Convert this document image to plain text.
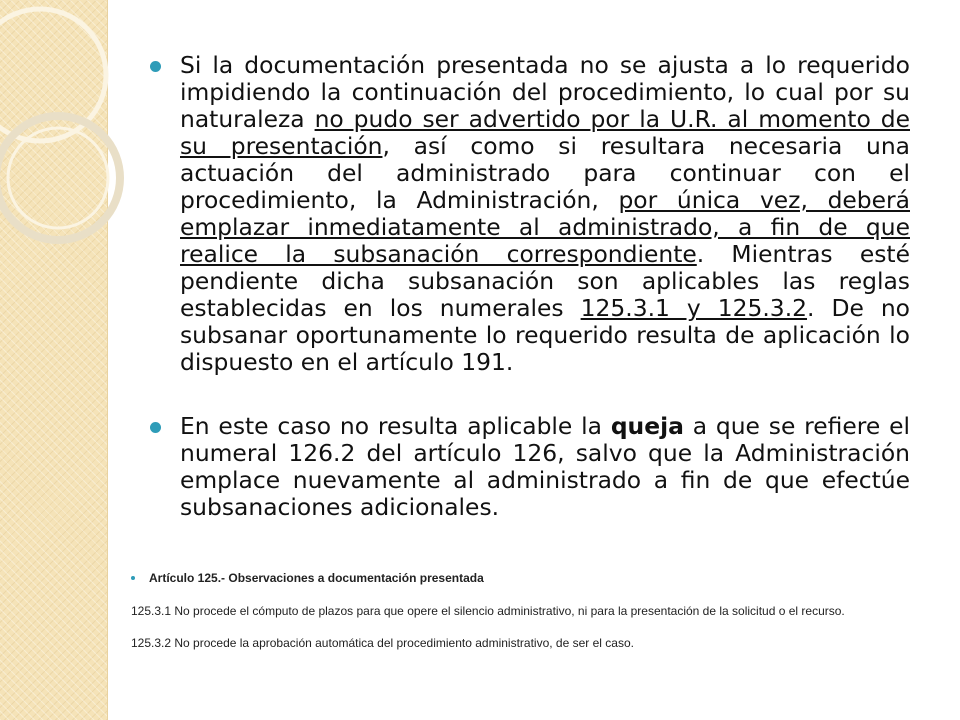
Si la documentación presentada no se ajusta a lo requerido impidiendo la continuación del procedimiento, lo cual por su naturaleza no pudo ser advertido por la U.R. al momento de su presentación, así como si resultara necesaria una actuación del administrado para continuar con el procedimiento, la Administración, por única vez, deberá emplazar inmediatamente al administrado, a fin de que realice la subsanación correspondiente. Mientras esté pendiente dicha subsanación son aplicables las reglas establecidas en los numerales 125.3.1 y 125.3.2. De no subsanar oportunamente lo requerido resulta de aplicación lo dispuesto en el artículo 191.
En este caso no resulta aplicable la queja a que se refiere el numeral 126.2 del artículo 126, salvo que la Administración emplace nuevamente al administrado a fin de que efectúe subsanaciones adicionales.
Artículo 125.- Observaciones a documentación presentada
125.3.1 No procede el cómputo de plazos para que opere el silencio administrativo, ni para la presentación de la solicitud o el recurso.
125.3.2 No procede la aprobación automática del procedimiento administrativo, de ser el caso.
